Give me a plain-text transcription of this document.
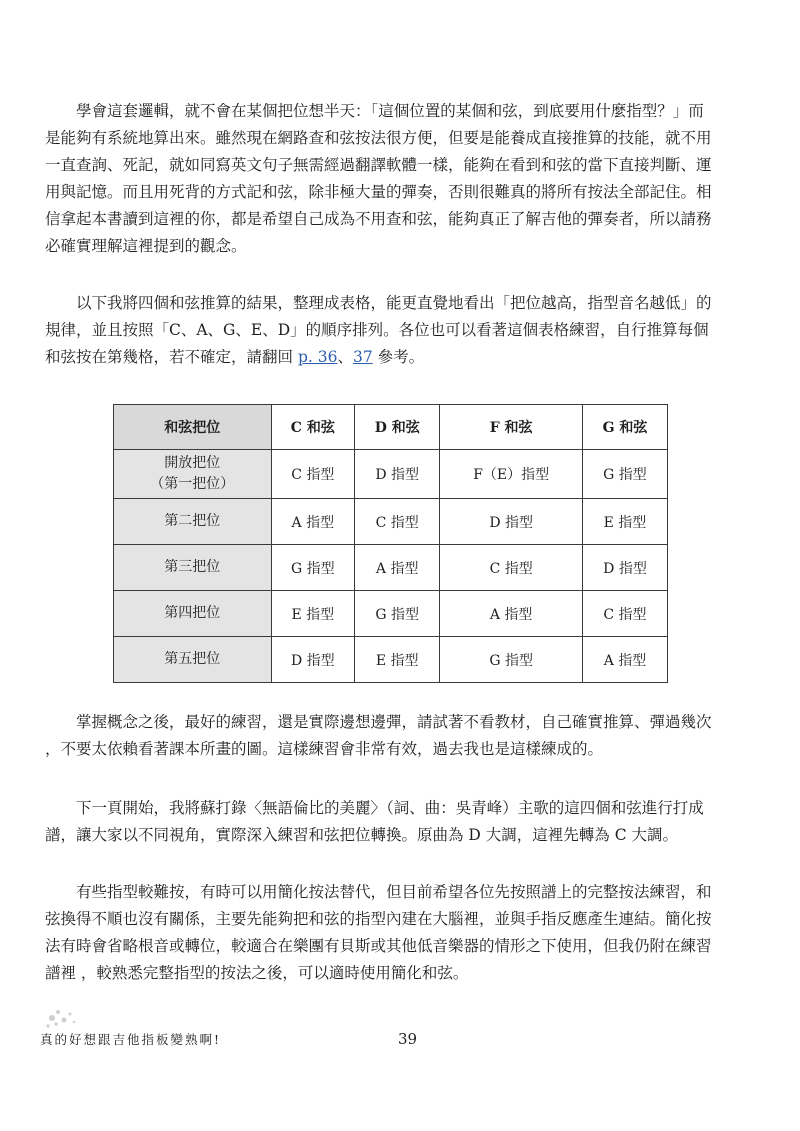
　　學會這套邏輯，就不會在某個把位想半天：「這個位置的某個和弦，到底要用什麼指型？」而
是能夠有系統地算出來。雖然現在網路查和弦按法很方便，但要是能養成直接推算的技能，就不用
一直查詢、死記，就如同寫英文句子無需經過翻譯軟體一樣，能夠在看到和弦的當下直接判斷、運
用與記憶。而且用死背的方式記和弦，除非極大量的彈奏，否則很難真的將所有按法全部記住。相
信拿起本書讀到這裡的你，都是希望自己成為不用查和弦，能夠真正了解吉他的彈奏者，所以請務
必確實理解這裡提到的觀念。
　　以下我將四個和弦推算的結果，整理成表格，能更直覺地看出「把位越高，指型音名越低」的
規律，並且按照「C、A、G、E、D」的順序排列。各位也可以看著這個表格練習，自行推算每個
和弦按在第幾格，若不確定，請翻回 p. 36、37 參考。
和弦把位	C 和弦	D 和弦	F 和弦	G 和弦

開放把位
（第一把位）	C 指型	D 指型	F（E）指型	G 指型
第二把位	A 指型	C 指型	D 指型	E 指型
第三把位	G 指型	A 指型	C 指型	D 指型
第四把位	E 指型	G 指型	A 指型	C 指型
第五把位	D 指型	E 指型	G 指型	A 指型
　　掌握概念之後，最好的練習，還是實際邊想邊彈，請試著不看教材，自己確實推算、彈過幾次
，不要太依賴看著課本所畫的圖。這樣練習會非常有效，過去我也是這樣練成的。
　　下一頁開始，我將蘇打錄〈無語倫比的美麗〉（詞、曲：吳青峰）主歌的這四個和弦進行打成
譜，讓大家以不同視角，實際深入練習和弦把位轉換。原曲為 D 大調，這裡先轉為 C 大調。
　　有些指型較難按，有時可以用簡化按法替代，但目前希望各位先按照譜上的完整按法練習，和
弦換得不順也沒有關係，主要先能夠把和弦的指型內建在大腦裡，並與手指反應產生連結。簡化按
法有時會省略根音或轉位，較適合在樂團有貝斯或其他低音樂器的情形之下使用，但我仍附在練習
譜裡 ，較熟悉完整指型的按法之後，可以適時使用簡化和弦。
真的好想跟吉他指板變熟啊!	39
